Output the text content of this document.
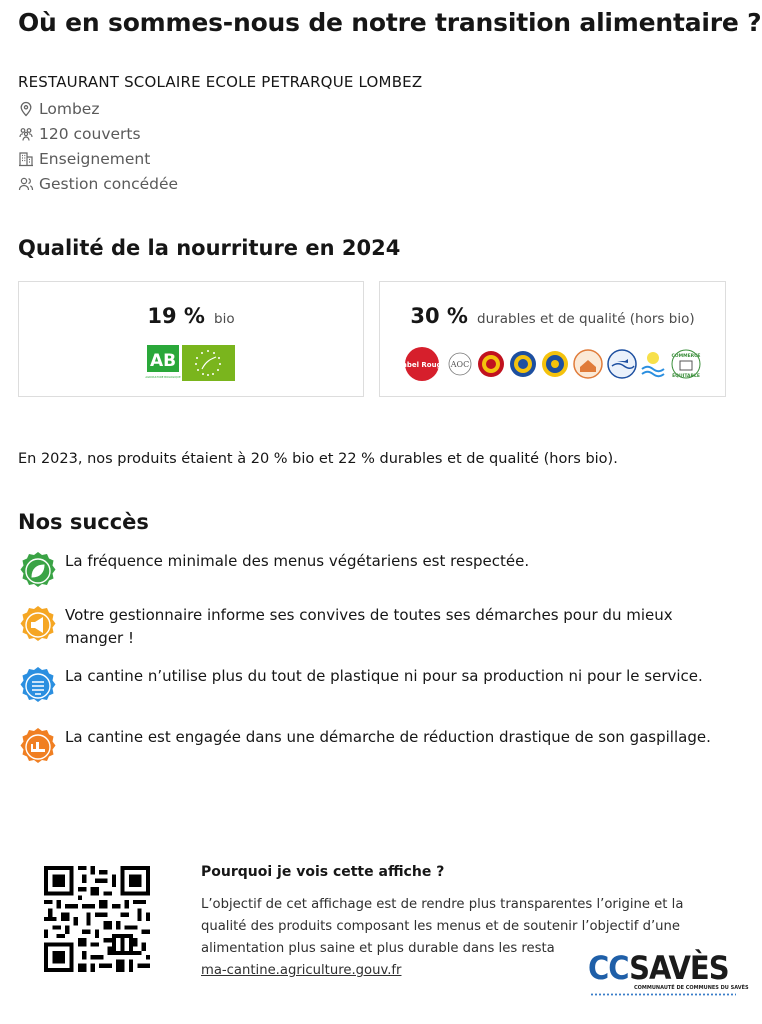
Où en sommes-nous de notre transition alimentaire ?
RESTAURANT SCOLAIRE ECOLE PETRARQUE LOMBEZ
Lombez
120 couverts
Enseignement
Gestion concédée
Qualité de la nourriture en 2024
19 % bio
AB
AGRICULTURE BIOLOGIQUE
30 % durables et de qualité (hors bio)
Label Rouge AOC
COMMERCE
ÉQUITABLE
En 2023, nos produits étaient à 20 % bio et 22 % durables et de qualité (hors bio).
Nos succès
La fréquence minimale des menus végétariens est respectée.
Votre gestionnaire informe ses convives de toutes ses démarches pour du mieux manger !
La cantine n’utilise plus du tout de plastique ni pour sa production ni pour le service.
La cantine est engagée dans une démarche de réduction drastique de son gaspillage.
Pourquoi je vois cette affiche ?
L’objectif de cet affichage est de rendre plus transparentes l’origine et la qualité des produits composant les menus et de soutenir l’objectif d’une alimentation plus saine et plus durable dans les resta
ma-cantine.agriculture.gouv.fr	CCSAVÈS
COMMUNAUTÉ DE COMMUNES DU SAVÈS
